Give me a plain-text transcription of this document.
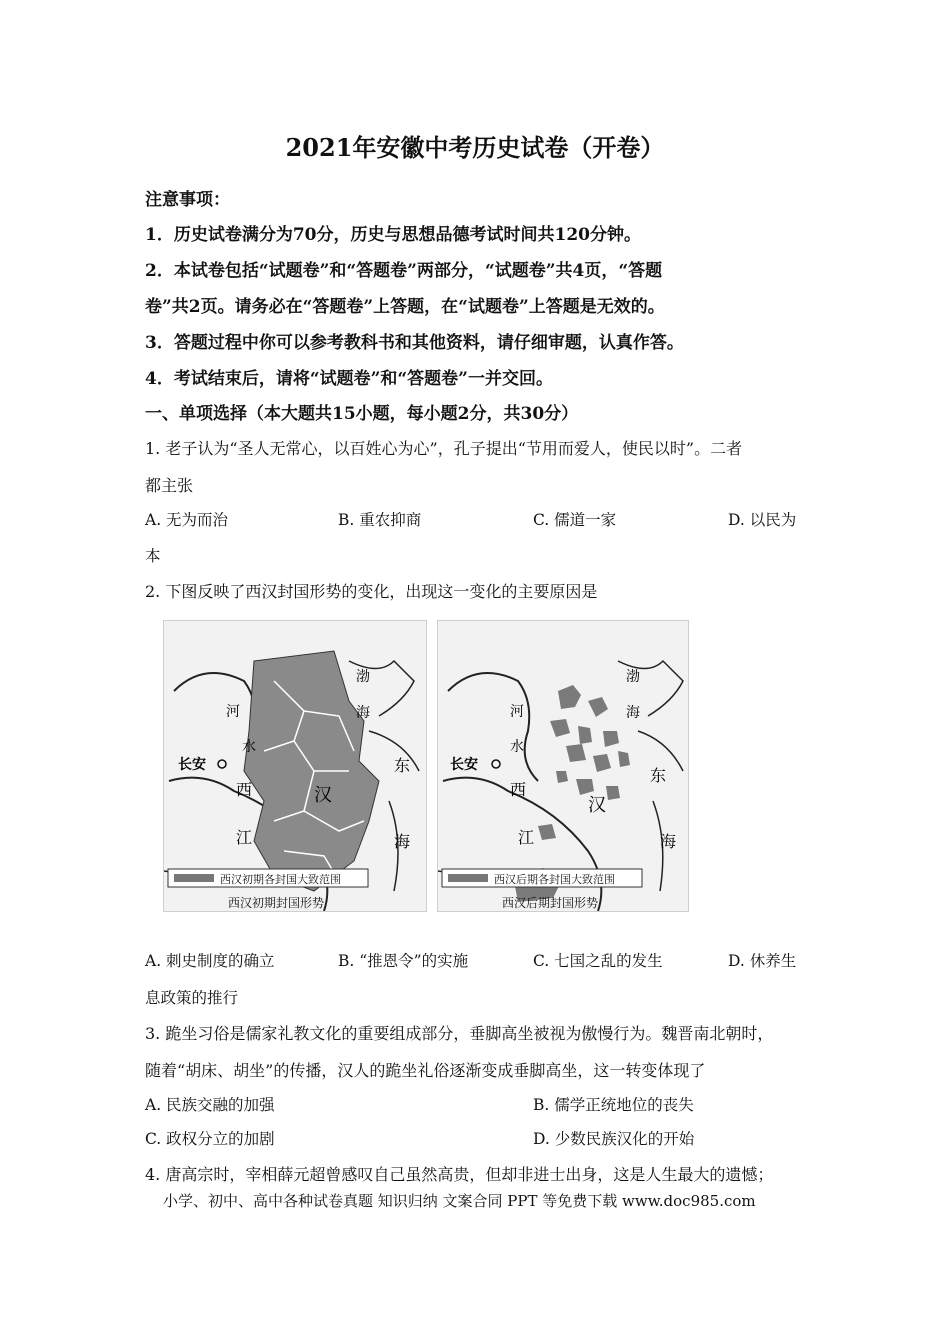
2021年安徽中考历史试卷（开卷）
注意事项：
1．历史试卷满分为70分，历史与思想品德考试时间共120分钟。
2．本试卷包括“试题卷”和“答题卷”两部分，“试题卷”共4页，“答题
卷”共2页。请务必在“答题卷”上答题，在“试题卷”上答题是无效的。
3．答题过程中你可以参考教科书和其他资料，请仔细审题，认真作答。
4．考试结束后，请将“试题卷”和“答题卷”一并交回。
一、单项选择（本大题共15小题，每小题2分，共30分）
1. 老子认为“圣人无常心，以百姓心为心”，孔子提出“节用而爱人，使民以时”。二者
都主张
A. 无为而治	B. 重农抑商	C. 儒道一家	D. 以民为
本
2. 下图反映了西汉封国形势的变化，出现这一变化的主要原因是
西汉初期各封国大致范围
西汉初期封国形势
渤
海
河
水
长安
西	汉
江
东
海
西汉后期各封国大致范围
西汉后期封国形势
渤
海
河
水
长安
西
汉
江
东
海
A. 刺史制度的确立	B. “推恩令”的实施	C. 七国之乱的发生	D. 休养生
息政策的推行
3. 跪坐习俗是儒家礼教文化的重要组成部分，垂脚高坐被视为傲慢行为。魏晋南北朝时，
随着“胡床、胡坐”的传播，汉人的跪坐礼俗逐渐变成垂脚高坐，这一转变体现了
A. 民族交融的加强	B. 儒学正统地位的丧失
C. 政权分立的加剧	D. 少数民族汉化的开始
4. 唐高宗时，宰相薛元超曾感叹自己虽然高贵，但却非进士出身，这是人生最大的遗憾；
小学、初中、高中各种试卷真题 知识归纳 文案合同 PPT 等免费下载 www.doc985.com
